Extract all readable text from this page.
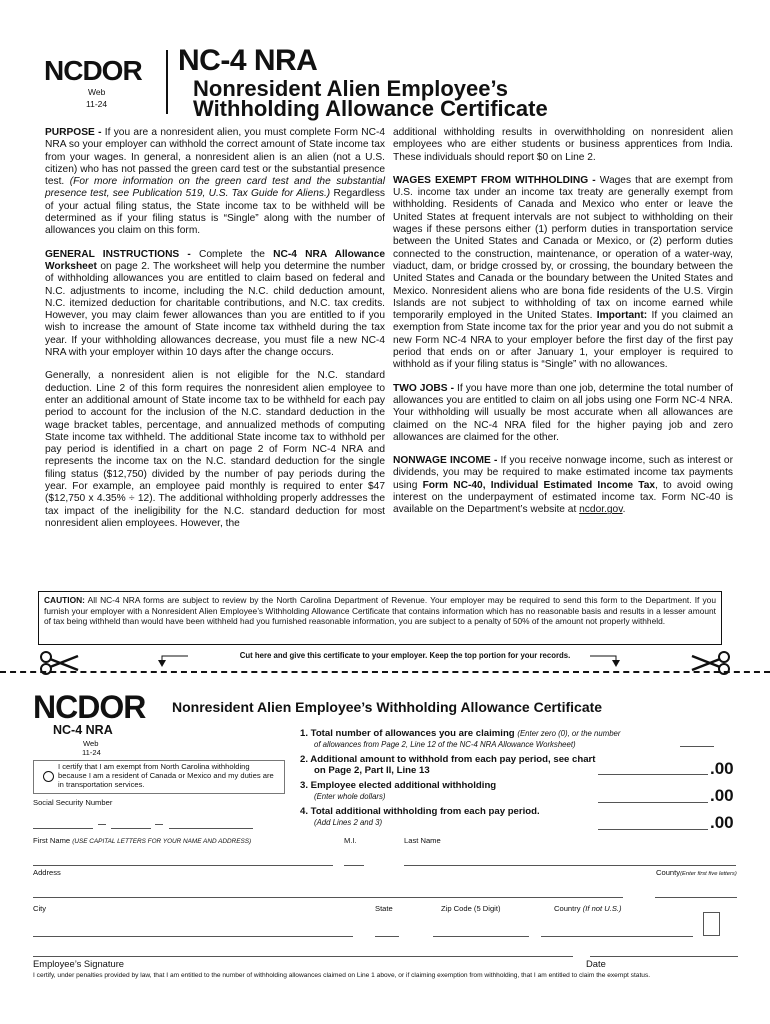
NCDOR
Web
11-24
NC-4 NRA
Nonresident Alien Employee’s
Withholding Allowance Certificate

PURPOSE - If you are a nonresident alien, you must complete Form NC-4 NRA so your employer can withhold the correct amount of State income tax from your wages. In general, a nonresident alien is an alien (not a U.S. citizen) who has not passed the green card test or the substantial presence test. (For more information on the green card test and the substantial presence test, see Publication 519, U.S. Tax Guide for Aliens.) Regardless of your actual filing status, the State income tax to be withheld will be determined as if your filing status is “Single” along with the number of allowances you claim on this form.

GENERAL INSTRUCTIONS - Complete the NC-4 NRA Allowance Worksheet on page 2. The worksheet will help you determine the number of withholding allowances you are entitled to claim based on federal and N.C. adjustments to income, including the N.C. child deduction amount, N.C. itemized deduction for charitable contributions, and N.C. tax credits. However, you may claim fewer allowances than you are entitled to if you wish to increase the amount of State income tax withheld during the tax year. If your withholding allowances decrease, you must file a new NC-4 NRA with your employer within 10 days after the change occurs.

Generally, a nonresident alien is not eligible for the N.C. standard deduction. Line 2 of this form requires the nonresident alien employee to enter an additional amount of State income tax to be withheld for each pay period to account for the inclusion of the N.C. standard deduction in the wage bracket tables, percentage, and annualized methods of computing State income tax withheld. The additional State income tax to withhold per pay period is identified in a chart on page 2 of Form NC-4 NRA and represents the income tax on the N.C. standard deduction for the single filing status ($12,750) divided by the number of pay periods during the year. For example, an employee paid monthly is required to enter $47 ($12,750 x 4.35% ÷ 12). The additional withholding properly addresses the tax impact of the ineligibility for the N.C. standard deduction for most nonresident alien employees. However, the

additional withholding results in overwithholding on nonresident alien employees who are either students or business apprentices from India. These individuals should report $0 on Line 2.

WAGES EXEMPT FROM WITHHOLDING - Wages that are exempt from U.S. income tax under an income tax treaty are generally exempt from withholding. Residents of Canada and Mexico who enter or leave the United States at frequent intervals are not subject to withholding on their wages if these persons either (1) perform duties in transportation service between the United States and Canada or Mexico, or (2) perform duties connected to the construction, maintenance, or operation of a water-way, viaduct, dam, or bridge crossed by, or crossing, the boundary between the United States and Canada or the boundary between the United States and Mexico. Nonresident aliens who are bona fide residents of the U.S. Virgin Islands are not subject to withholding of tax on income earned while temporarily employed in the United States. Important: If you claimed an exemption from State income tax for the prior year and you do not submit a new Form NC-4 NRA to your employer before the first day of the first pay period that ends on or after January 1, your employer is required to withhold as if your filing status is “Single” with no allowances.

TWO JOBS - If you have more than one job, determine the total number of allowances you are entitled to claim on all jobs using one Form NC-4 NRA. Your withholding will usually be most accurate when all allowances are claimed on the NC-4 NRA filed for the higher paying job and zero allowances are claimed for the other.

NONWAGE INCOME - If you receive nonwage income, such as interest or dividends, you may be required to make estimated income tax payments using Form NC-40, Individual Estimated Income Tax, to avoid owing interest on the underpayment of estimated income tax. Form NC-40 is available on the Department’s website at ncdor.gov.

CAUTION: All NC-4 NRA forms are subject to review by the North Carolina Department of Revenue. Your employer may be required to send this form to the Department. If you furnish your employer with a Nonresident Alien Employee’s Withholding Allowance Certificate that contains information which has no reasonable basis and results in a lesser amount of tax being withheld than would have been withheld had you furnished reasonable information, you are subject to a penalty of 50% of the amount not properly withheld.
Cut here and give this certificate to your employer. Keep the top portion for your records.
NCDOR Nonresident Alien Employee’s Withholding Allowance Certificate
NC-4 NRA
Web
11-24
I certify that I am exempt from North Carolina withholding because I am a resident of Canada or Mexico and my duties are in transportation services.
Social Security Number
1. Total number of allowances you are claiming (Enter zero (0), or the number
of allowances from Page 2, Line 12 of the NC-4 NRA Allowance Worksheet)
2. Additional amount to withhold from each pay period, see chart
on Page 2, Part II, Line 13	.00
3. Employee elected additional withholding
(Enter whole dollars)	.00
4. Total additional withholding from each pay period.
(Add Lines 2 and 3)	.00
First Name (USE CAPITAL LETTERS FOR YOUR NAME AND ADDRESS)	M.I.	Last Name
Address	County(Enter first five letters)
City	State	Zip Code (5 Digit)	Country (If not U.S.)
Employee’s Signature	Date
I certify, under penalties provided by law, that I am entitled to the number of withholding allowances claimed on Line 1 above, or if claiming exemption from withholding, that I am entitled to claim the exempt status.
